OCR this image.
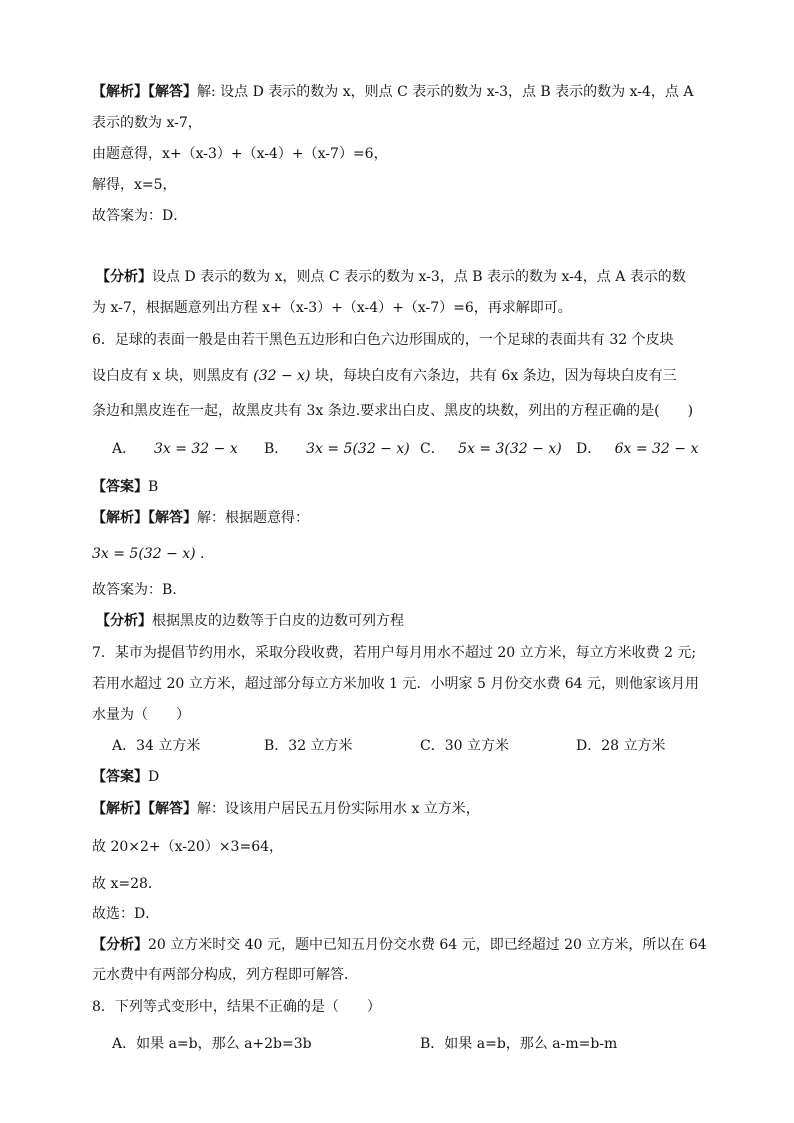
【解析】【解答】解: 设点 D 表示的数为 x，则点 C 表示的数为 x-3，点 B 表示的数为 x-4，点 A
表示的数为 x-7，
由题意得，x+（x-3）+（x-4）+（x-7）=6，
解得，x=5，
故答案为：D．
【分析】设点 D 表示的数为 x，则点 C 表示的数为 x-3，点 B 表示的数为 x-4，点 A 表示的数
为 x-7，根据题意列出方程 x+（x-3）+（x-4）+（x-7）=6，再求解即可。
6．足球的表面一般是由若干黑色五边形和白色六边形围成的，一个足球的表面共有 32 个皮块
设白皮有 x 块，则黑皮有 (32 − x) 块，每块白皮有六条边，共有 6x 条边，因为每块白皮有三
条边和黑皮连在一起，故黑皮共有 3x 条边.要求出白皮、黑皮的块数，列出的方程正确的是(　　)
A． 3x = 32 − x B． 3x = 5(32 − x) C． 5x = 3(32 − x) D． 6x = 32 − x
【答案】B
【解析】【解答】解：根据题意得：
3x = 5(32 − x) .
故答案为：B.
【分析】根据黑皮的边数等于白皮的边数可列方程
7．某市为提倡节约用水，采取分段收费，若用户每月用水不超过 20 立方米，每立方米收费 2 元;
若用水超过 20 立方米，超过部分每立方米加收 1 元．小明家 5 月份交水费 64 元，则他家该月用
水量为（　　）
A．34 立方米	B．32 立方米	C．30 立方米	D．28 立方米
【答案】D
【解析】【解答】解：设该用户居民五月份实际用水 x 立方米，
故 20×2+（x-20）×3=64，
故 x=28．
故选：D．
【分析】20 立方米时交 40 元，题中已知五月份交水费 64 元，即已经超过 20 立方米，所以在 64
元水费中有两部分构成，列方程即可解答．
8．下列等式变形中，结果不正确的是（　　）
A．如果 a=b，那么 a+2b=3b	B．如果 a=b，那么 a-m=b-m
